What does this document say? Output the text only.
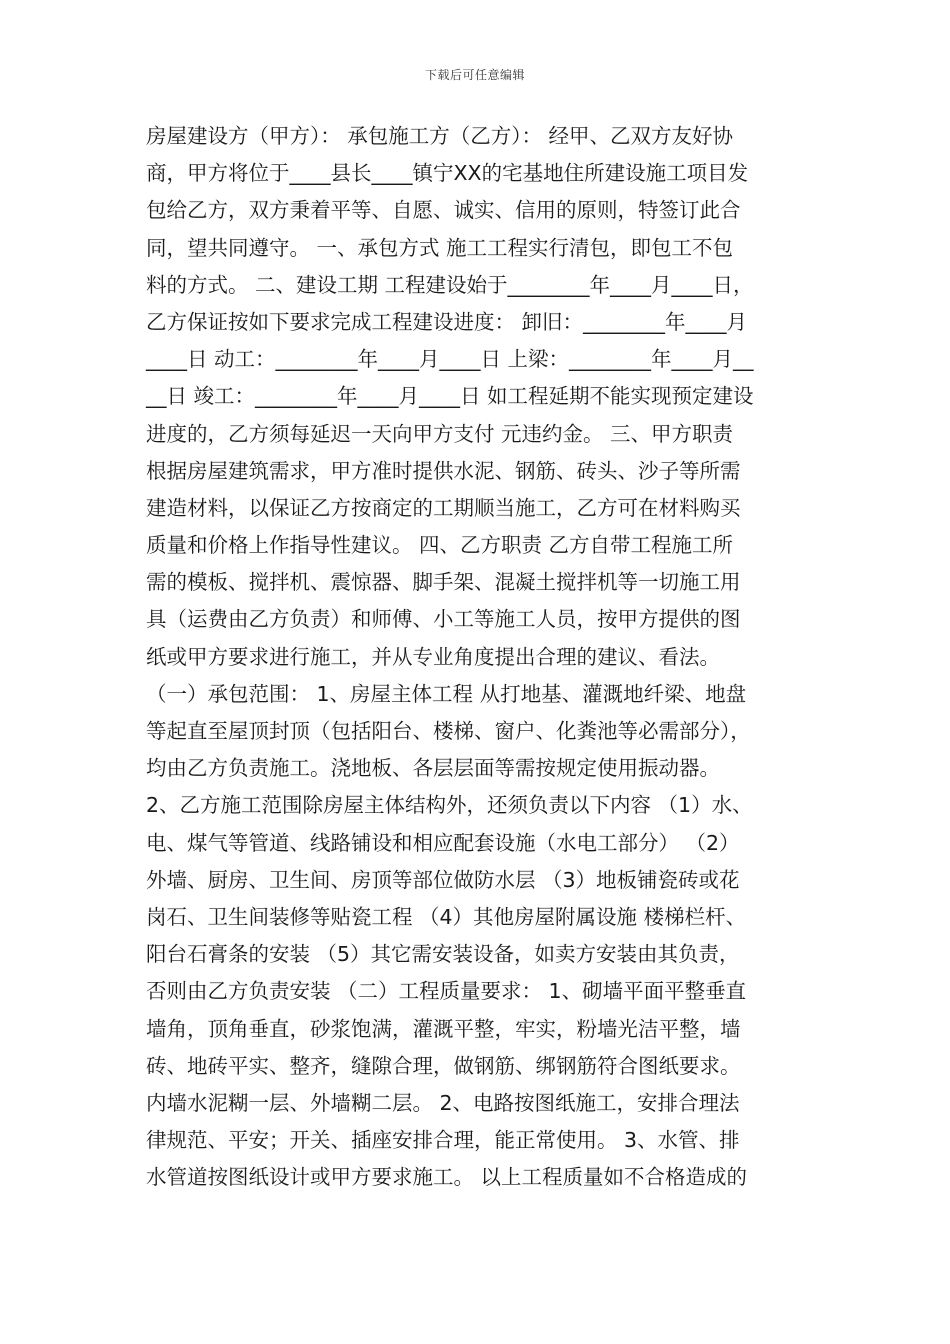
下载后可任意编辑
房屋建设方（甲方）： 承包施工方（乙方）： 经甲、乙双方友好协
商，甲方将位于____县长____镇宁XX的宅基地住所建设施工项目发
包给乙方，双方秉着平等、自愿、诚实、信用的原则，特签订此合
同，望共同遵守。 一、承包方式 施工工程实行清包，即包工不包
料的方式。 二、建设工期 工程建设始于________年____月____日，
乙方保证按如下要求完成工程建设进度： 卸旧：________年____月
____日 动工：________年____月____日 上梁：________年____月__
__日 竣工：________年____月____日 如工程延期不能实现预定建设
进度的，乙方须每延迟一天向甲方支付 元违约金。 三、甲方职责
根据房屋建筑需求，甲方准时提供水泥、钢筋、砖头、沙子等所需
建造材料，以保证乙方按商定的工期顺当施工，乙方可在材料购买
质量和价格上作指导性建议。 四、乙方职责 乙方自带工程施工所
需的模板、搅拌机、震惊器、脚手架、混凝土搅拌机等一切施工用
具（运费由乙方负责）和师傅、小工等施工人员，按甲方提供的图
纸或甲方要求进行施工，并从专业角度提出合理的建议、看法。
（一）承包范围： 1、房屋主体工程 从打地基、灌溉地纤梁、地盘
等起直至屋顶封顶（包括阳台、楼梯、窗户、化粪池等必需部分），
均由乙方负责施工。浇地板、各层层面等需按规定使用振动器。
2、乙方施工范围除房屋主体结构外，还须负责以下内容 （1）水、
电、煤气等管道、线路铺设和相应配套设施（水电工部分） （2）
外墙、厨房、卫生间、房顶等部位做防水层 （3）地板铺瓷砖或花
岗石、卫生间装修等贴瓷工程 （4）其他房屋附属设施 楼梯栏杆、
阳台石膏条的安装 （5）其它需安装设备，如卖方安装由其负责，
否则由乙方负责安装 （二）工程质量要求： 1、砌墙平面平整垂直
墙角，顶角垂直，砂浆饱满，灌溉平整，牢实，粉墙光洁平整，墙
砖、地砖平实、整齐，缝隙合理，做钢筋、绑钢筋符合图纸要求。
内墙水泥糊一层、外墙糊二层。 2、电路按图纸施工，安排合理法
律规范、平安；开关、插座安排合理，能正常使用。 3、水管、排
水管道按图纸设计或甲方要求施工。 以上工程质量如不合格造成的
